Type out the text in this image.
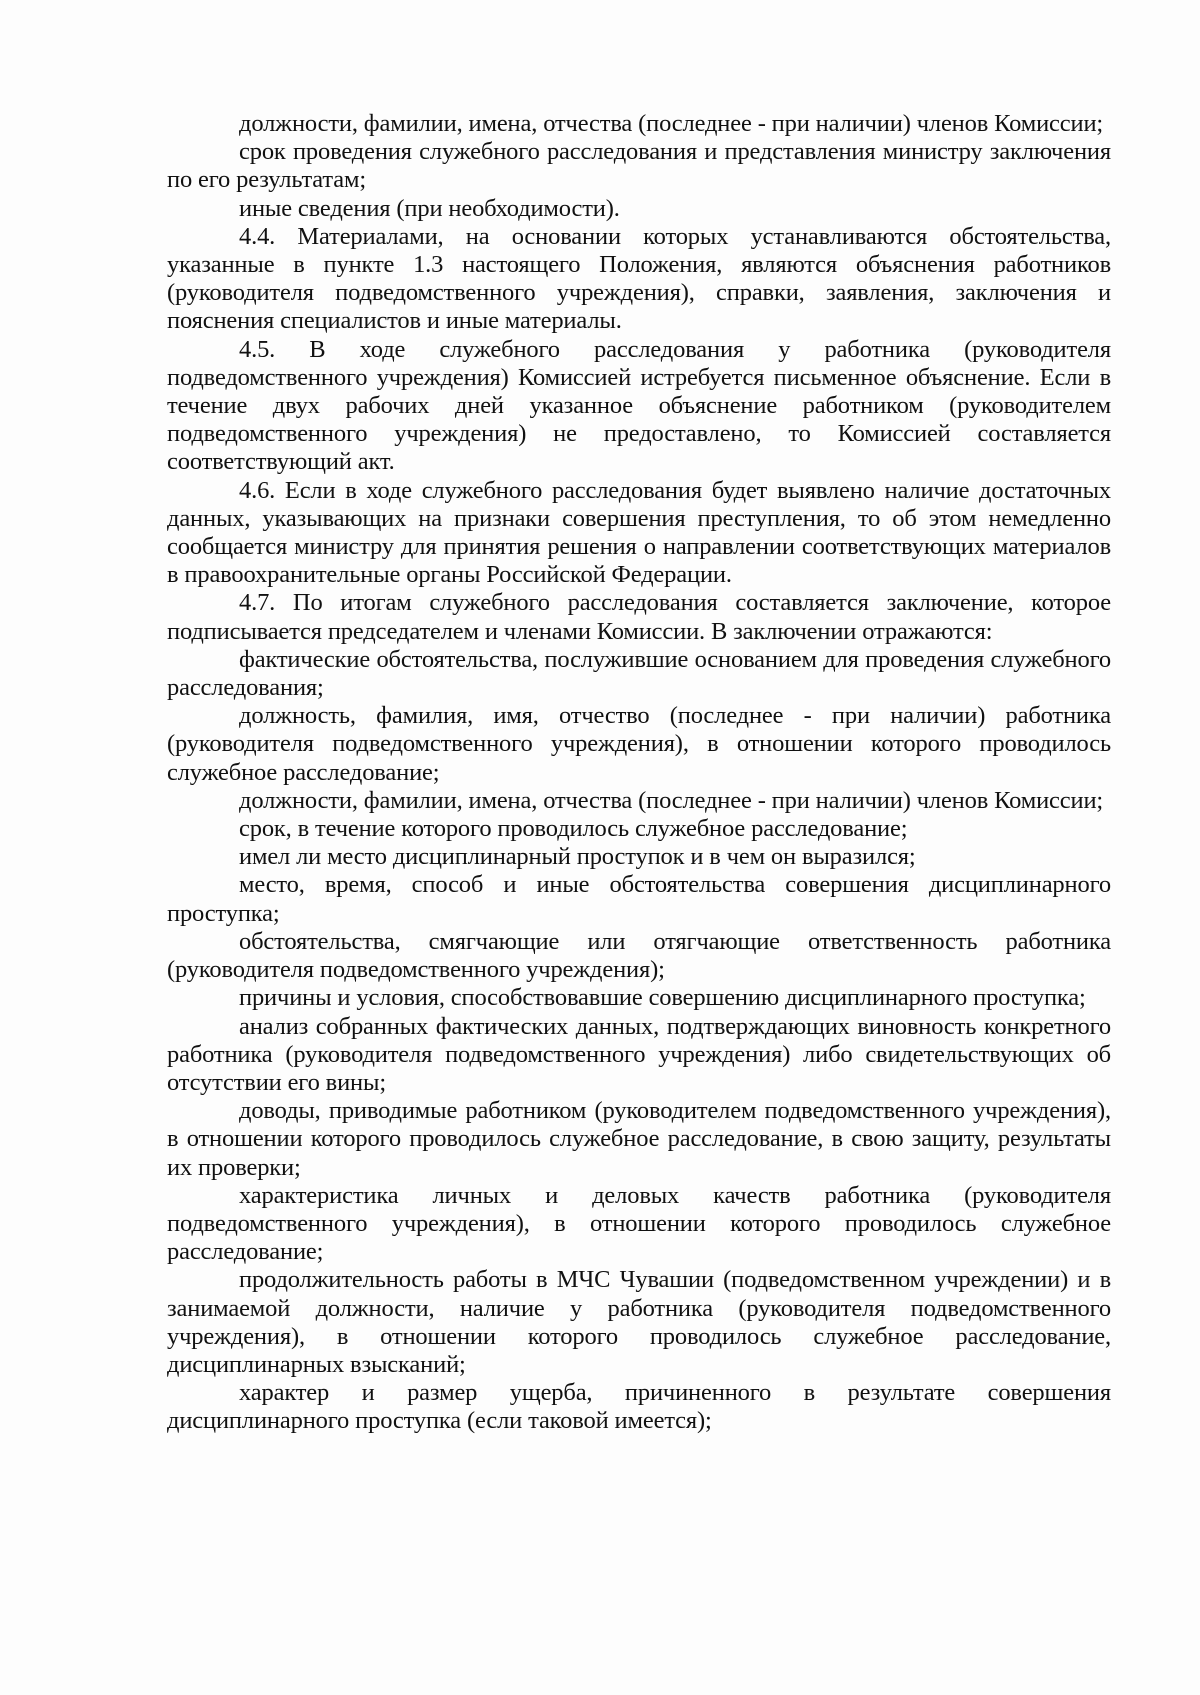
должности, фамилии, имена, отчества (последнее - при наличии) членов Комиссии;

срок проведения служебного расследования и представления министру заключения по его результатам;

иные сведения (при необходимости).

4.4. Материалами, на основании которых устанавливаются обстоятельства, указанные в пункте 1.3 настоящего Положения, являются объяснения работников (руководителя подведомственного учреждения), справки, заявления, заключения и пояснения специалистов и иные материалы.

4.5. В ходе служебного расследования у работника (руководителя подведомственного учреждения) Комиссией истребуется письменное объяснение. Если в течение двух рабочих дней указанное объяснение работником (руководителем подведомственного учреждения) не предоставлено, то Комиссией составляется соответствующий акт.

4.6. Если в ходе служебного расследования будет выявлено наличие достаточных данных, указывающих на признаки совершения преступления, то об этом немедленно сообщается министру для принятия решения о направлении соответствующих материалов в правоохранительные органы Российской Федерации.

4.7. По итогам служебного расследования составляется заключение, которое подписывается председателем и членами Комиссии. В заключении отражаются:

фактические обстоятельства, послужившие основанием для проведения служебного расследования;

должность, фамилия, имя, отчество (последнее - при наличии) работника (руководителя подведомственного учреждения), в отношении которого проводилось служебное расследование;

должности, фамилии, имена, отчества (последнее - при наличии) членов Комиссии;

срок, в течение которого проводилось служебное расследование;

имел ли место дисциплинарный проступок и в чем он выразился;

место, время, способ и иные обстоятельства совершения дисциплинарного проступка;

обстоятельства, смягчающие или отягчающие ответственность работника (руководителя подведомственного учреждения);

причины и условия, способствовавшие совершению дисциплинарного проступка;

анализ собранных фактических данных, подтверждающих виновность конкретного работника (руководителя подведомственного учреждения) либо свидетельствующих об отсутствии его вины;

доводы, приводимые работником (руководителем подведомственного учреждения), в отношении которого проводилось служебное расследование, в свою защиту, результаты их проверки;

характеристика личных и деловых качеств работника (руководителя подведомственного учреждения), в отношении которого проводилось служебное расследование;

продолжительность работы в МЧС Чувашии (подведомственном учреждении) и в занимаемой должности, наличие у работника (руководителя подведомственного учреждения), в отношении которого проводилось служебное расследование, дисциплинарных взысканий;

характер и размер ущерба, причиненного в результате совершения дисциплинарного проступка (если таковой имеется);
